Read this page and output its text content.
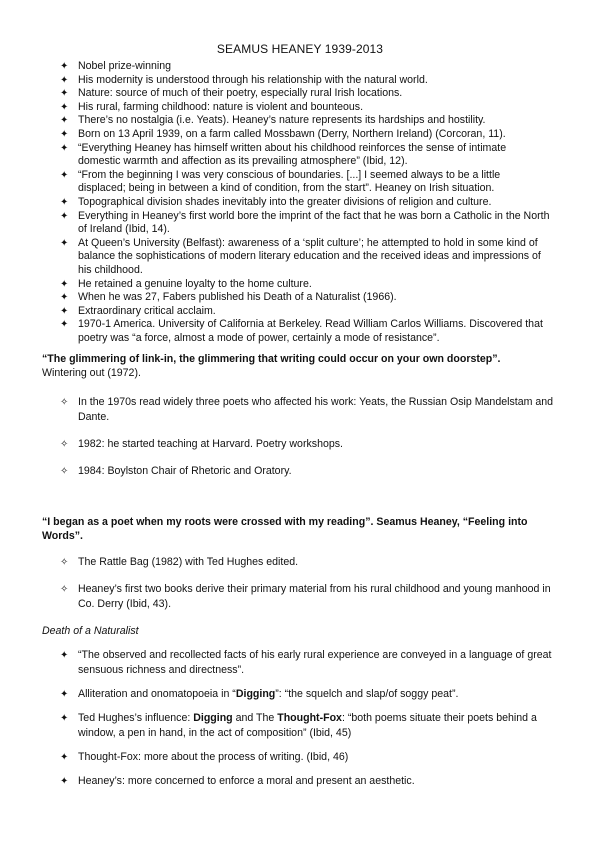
SEAMUS HEANEY 1939-2013
✦ Nobel prize-winning
✦ His modernity is understood through his relationship with the natural world.
✦ Nature: source of much of their poetry, especially rural Irish locations.
✦ His rural, farming childhood: nature is violent and bounteous.
✦ There’s no nostalgia (i.e. Yeats). Heaney’s nature represents its hardships and hostility.
✦ Born on 13 April 1939, on a farm called Mossbawn (Derry, Northern Ireland) (Corcoran, 11).
✦ “Everything Heaney has himself written about his childhood reinforces the sense of intimate domestic warmth and affection as its prevailing atmosphere” (Ibid, 12).
✦ “From the beginning I was very conscious of boundaries. [...] I seemed always to be a little displaced; being in between a kind of condition, from the start”. Heaney on Irish situation.
✦ Topographical division shades inevitably into the greater divisions of religion and culture.
✦ Everything in Heaney’s first world bore the imprint of the fact that he was born a Catholic in the North of Ireland (Ibid, 14).
✦ At Queen’s University (Belfast): awareness of a ‘split culture’; he attempted to hold in some kind of balance the sophistications of modern literary education and the received ideas and impressions of his childhood.
✦ He retained a genuine loyalty to the home culture.
✦ When he was 27, Fabers published his Death of a Naturalist (1966).
✦ Extraordinary critical acclaim.
✦ 1970-1 America. University of California at Berkeley. Read William Carlos Williams. Discovered that poetry was “a force, almost a mode of power, certainly a mode of resistance”.
“The glimmering of link-in, the glimmering that writing could occur on your own doorstep”.
Wintering out (1972).
✧ In the 1970s read widely three poets who affected his work: Yeats, the Russian Osip Mandelstam and Dante.
✧ 1982: he started teaching at Harvard. Poetry workshops.
✧ 1984: Boylston Chair of Rhetoric and Oratory.
“I began as a poet when my roots were crossed with my reading”. Seamus Heaney, “Feeling into Words”.
✧ The Rattle Bag (1982) with Ted Hughes edited.
✧ Heaney’s first two books derive their primary material from his rural childhood and young manhood in Co. Derry (Ibid, 43).
Death of a Naturalist
✦ “The observed and recollected facts of his early rural experience are conveyed in a language of great sensuous richness and directness”.
✦ Alliteration and onomatopoeia in “Digging”: “the squelch and slap/of soggy peat”.
✦ Ted Hughes’s influence: Digging and The Thought-Fox: “both poems situate their poets behind a window, a pen in hand, in the act of composition” (Ibid, 45)
✦ Thought-Fox: more about the process of writing. (Ibid, 46)
✦ Heaney’s: more concerned to enforce a moral and present an aesthetic.
